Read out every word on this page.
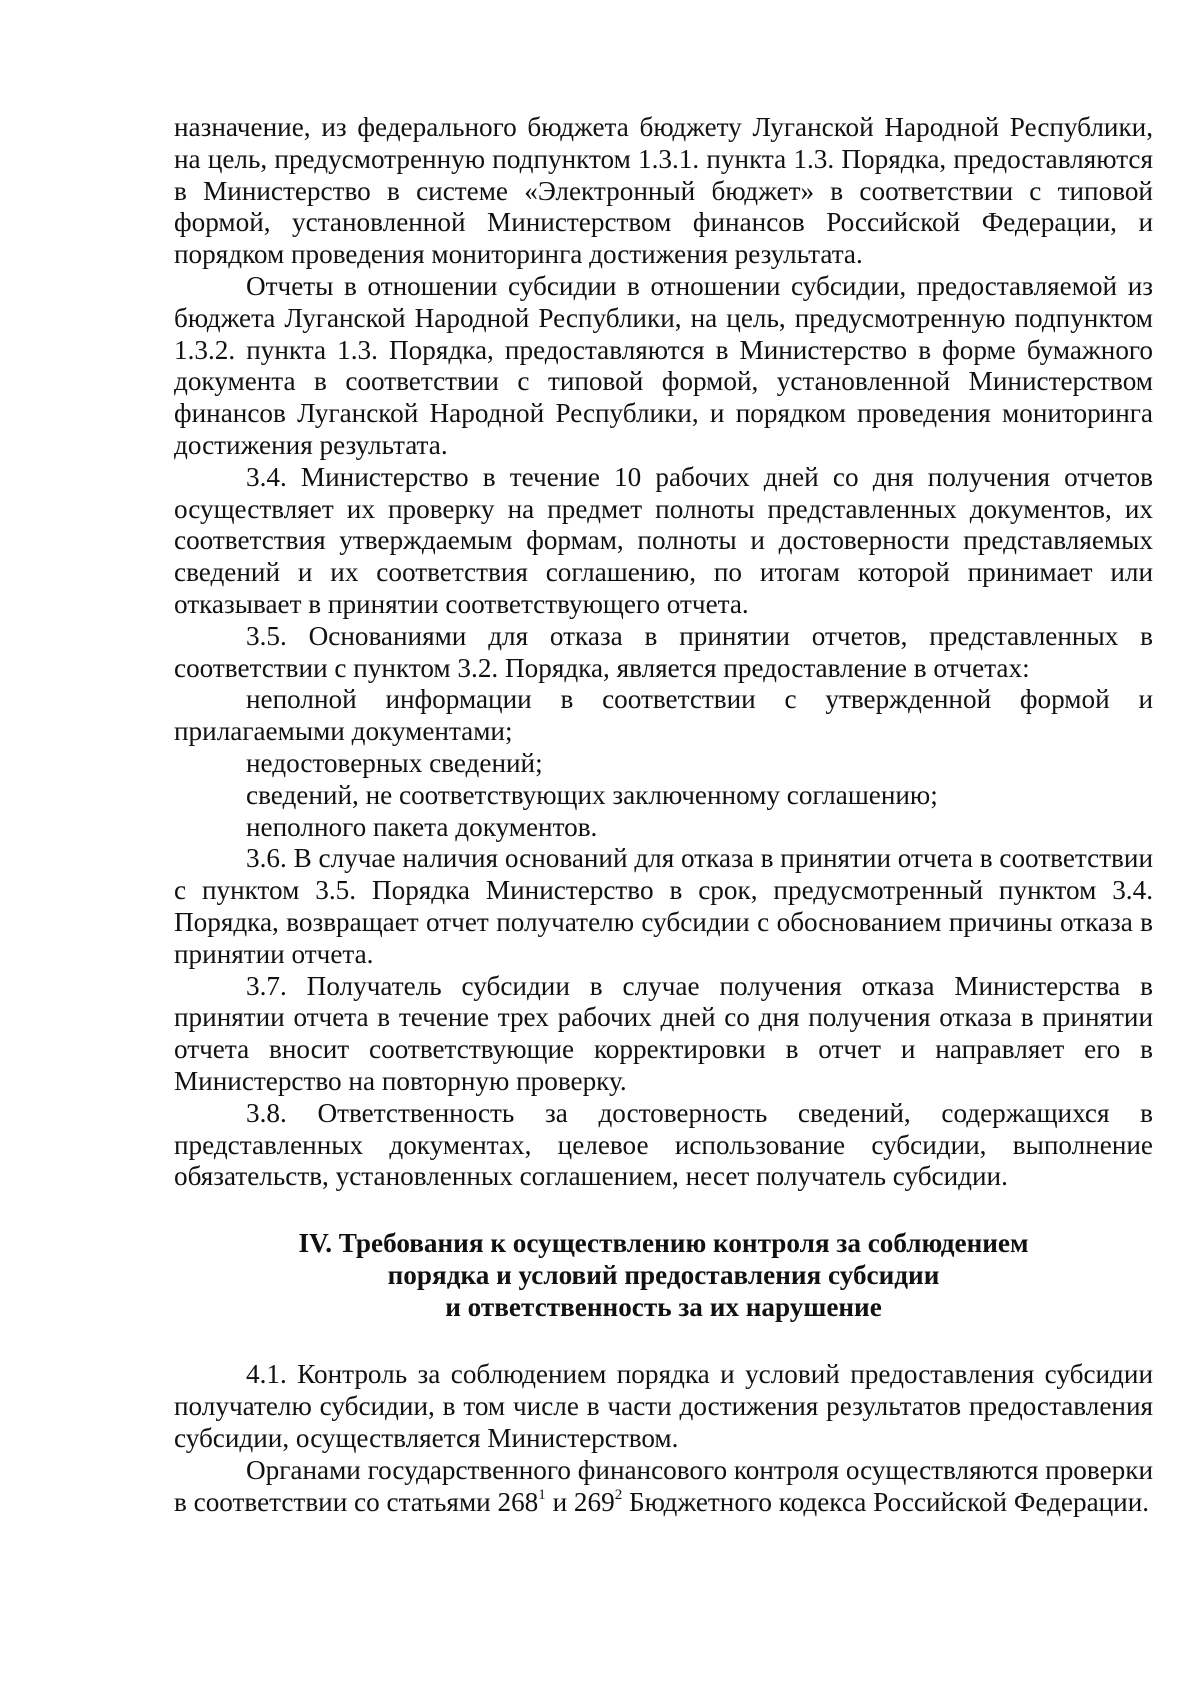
назначение, из федерального бюджета бюджету Луганской Народной Республики, на цель, предусмотренную подпунктом 1.3.1. пункта 1.3. Порядка, предоставляются в Министерство в системе «Электронный бюджет» в соответствии с типовой формой, установленной Министерством финансов Российской Федерации, и порядком проведения мониторинга достижения результата.

Отчеты в отношении субсидии в отношении субсидии, предоставляемой из бюджета Луганской Народной Республики, на цель, предусмотренную подпунктом 1.3.2. пункта 1.3. Порядка, предоставляются в Министерство в форме бумажного документа в соответствии с типовой формой, установленной Министерством финансов Луганской Народной Республики, и порядком проведения мониторинга достижения результата.

3.4. Министерство в течение 10 рабочих дней со дня получения отчетов осуществляет их проверку на предмет полноты представленных документов, их соответствия утверждаемым формам, полноты и достоверности представляемых сведений и их соответствия соглашению, по итогам которой принимает или отказывает в принятии соответствующего отчета.

3.5. Основаниями для отказа в принятии отчетов, представленных в соответствии с пунктом 3.2. Порядка, является предоставление в отчетах:

неполной информации в соответствии с утвержденной формой и прилагаемыми документами;

недостоверных сведений;

сведений, не соответствующих заключенному соглашению;

неполного пакета документов.

3.6. В случае наличия оснований для отказа в принятии отчета в соответствии с пунктом 3.5. Порядка Министерство в срок, предусмотренный пунктом 3.4. Порядка, возвращает отчет получателю субсидии с обоснованием причины отказа в принятии отчета.

3.7. Получатель субсидии в случае получения отказа Министерства в принятии отчета в течение трех рабочих дней со дня получения отказа в принятии отчета вносит соответствующие корректировки в отчет и направляет его в Министерство на повторную проверку.

3.8. Ответственность за достоверность сведений, содержащихся в представленных документах, целевое использование субсидии, выполнение обязательств, установленных соглашением, несет получатель субсидии.

IV. Требования к осуществлению контроля за соблюдением
порядка и условий предоставления субсидии
и ответственность за их нарушение

4.1. Контроль за соблюдением порядка и условий предоставления субсидии получателю субсидии, в том числе в части достижения результатов предоставления субсидии, осуществляется Министерством.

Органами государственного финансового контроля осуществляются проверки в соответствии со статьями $268^1$ и $269^2$ Бюджетного кодекса Российской Федерации.
